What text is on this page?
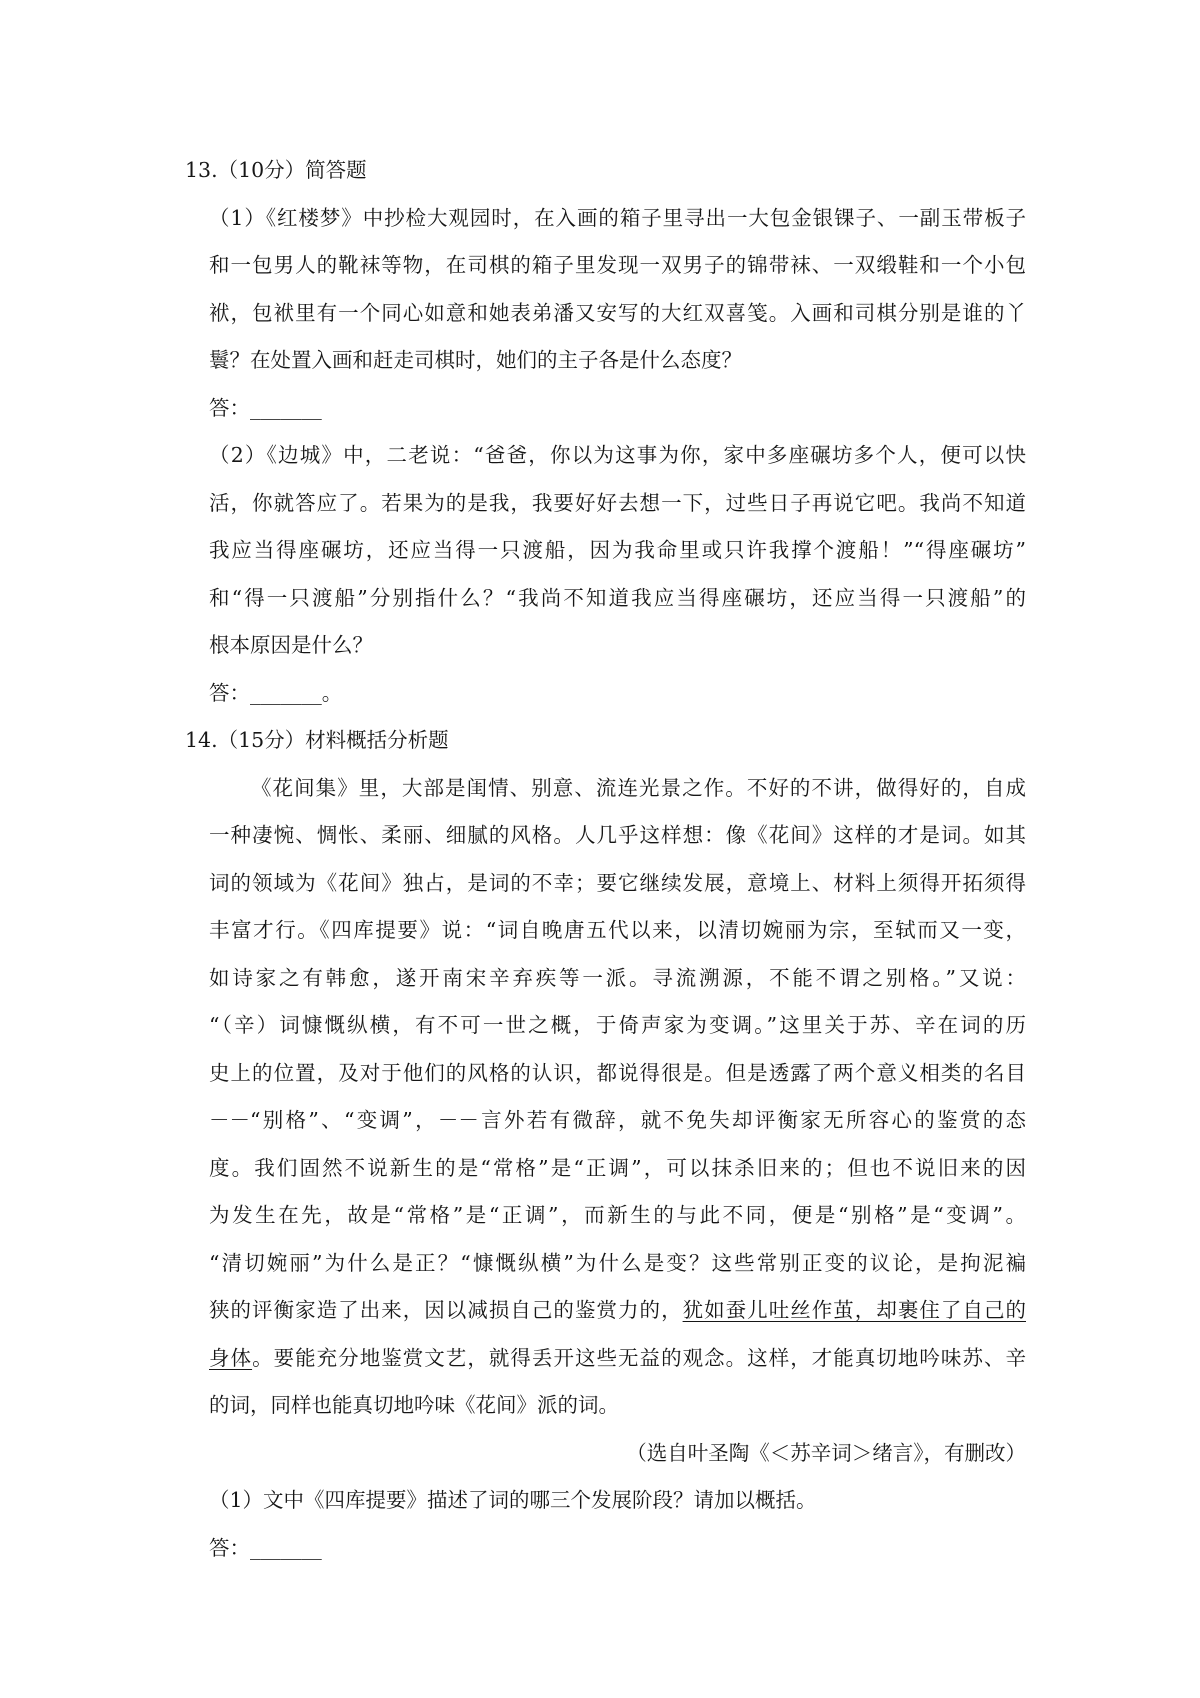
13.（10分）简答题
（1）《红楼梦》中抄检大观园时，在入画的箱子里寻出一大包金银锞子、一副玉带板子
和一包男人的靴袜等物，在司棋的箱子里发现一双男子的锦带袜、一双缎鞋和一个小包
袱，包袱里有一个同心如意和她表弟潘又安写的大红双喜笺。入画和司棋分别是谁的丫
鬟？在处置入画和赶走司棋时，她们的主子各是什么态度？
答：_______
（2）《边城》中，二老说：“爸爸，你以为这事为你，家中多座碾坊多个人，便可以快
活，你就答应了。若果为的是我，我要好好去想一下，过些日子再说它吧。我尚不知道
我应当得座碾坊，还应当得一只渡船，因为我命里或只许我撑个渡船！”“得座碾坊”
和“得一只渡船”分别指什么？“我尚不知道我应当得座碾坊，还应当得一只渡船”的
根本原因是什么？
答：_______。
14.（15分）材料概括分析题
《花间集》里，大部是闺情、别意、流连光景之作。不好的不讲，做得好的，自成
一种凄惋、惆怅、柔丽、细腻的风格。人几乎这样想：像《花间》这样的才是词。如其
词的领域为《花间》独占，是词的不幸；要它继续发展，意境上、材料上须得开拓须得
丰富才行。《四库提要》说：“词自晚唐五代以来，以清切婉丽为宗，至轼而又一变，
如诗家之有韩愈，遂开南宋辛弃疾等一派。寻流溯源，不能不谓之别格。”又说：
“（辛）词慷慨纵横，有不可一世之概，于倚声家为变调。”这里关于苏、辛在词的历
史上的位置，及对于他们的风格的认识，都说得很是。但是透露了两个意义相类的名目
－－“别格”、“变调”，－－言外若有微辞，就不免失却评衡家无所容心的鉴赏的态
度。我们固然不说新生的是“常格”是“正调”，可以抹杀旧来的；但也不说旧来的因
为发生在先，故是“常格”是“正调”，而新生的与此不同，便是“别格”是“变调”。
“清切婉丽”为什么是正？“慷慨纵横”为什么是变？这些常别正变的议论，是拘泥褊
狭的评衡家造了出来，因以减损自己的鉴赏力的，犹如蚕儿吐丝作茧，却裹住了自己的
身体。要能充分地鉴赏文艺，就得丢开这些无益的观念。这样，才能真切地吟味苏、辛
的词，同样也能真切地吟味《花间》派的词。
（选自叶圣陶《＜苏辛词＞绪言》，有删改）
（1）文中《四库提要》描述了词的哪三个发展阶段？请加以概括。
答：_______
